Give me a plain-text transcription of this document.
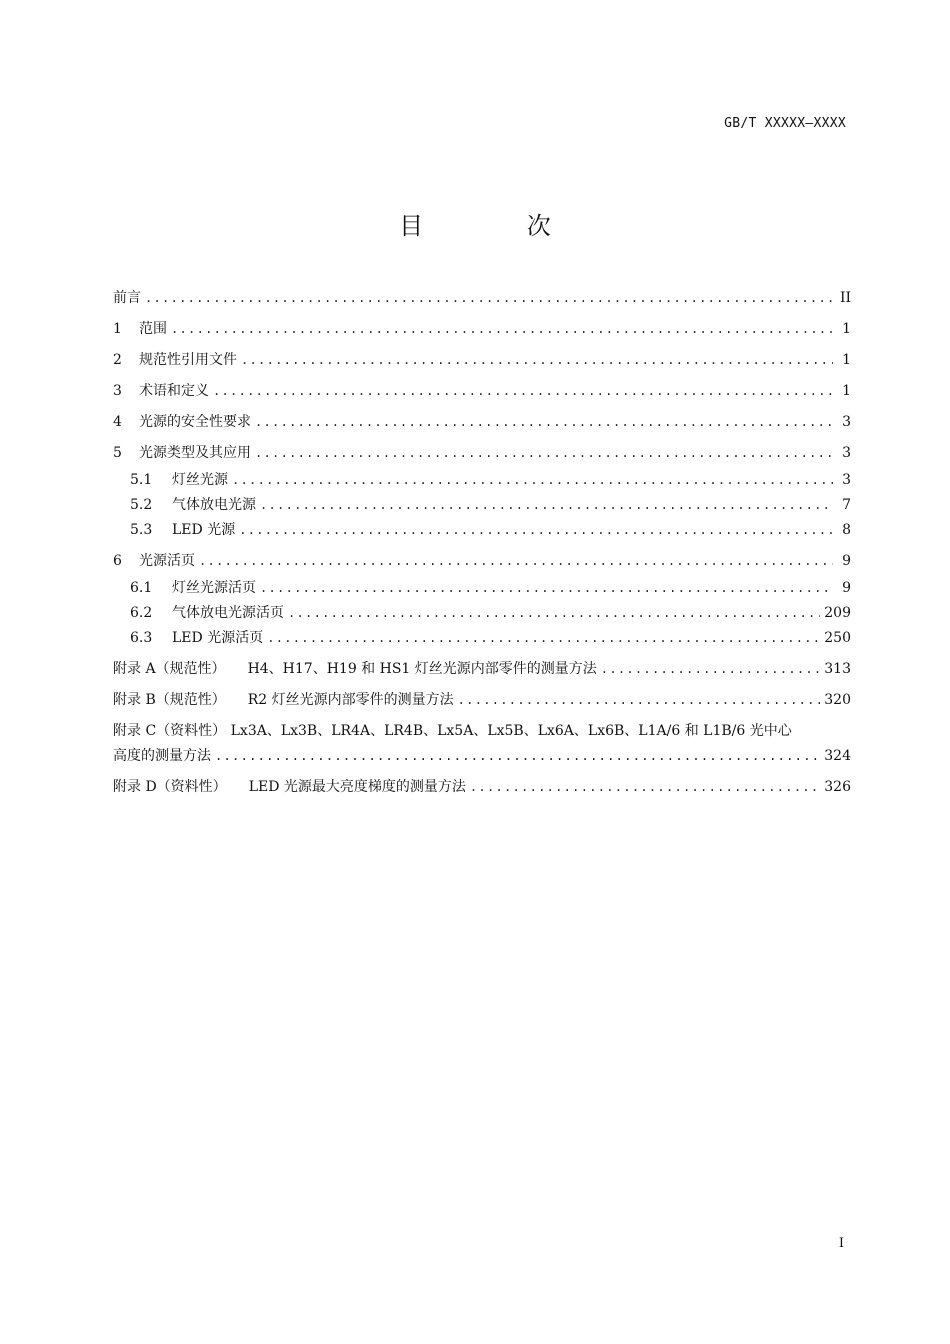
GB/T XXXXX—XXXX
目 次
前言 .....	II
1	范围 .....	1
2	规范性引用文件 .....	1
3	术语和定义 .....	1
4	光源的安全性要求 .....	3
5	光源类型及其应用 .....	3
5.1	灯丝光源 .....	3
5.2	气体放电光源 .....	7
5.3	LED 光源 .....	8
6	光源活页 .....	9
6.1	灯丝光源活页 .....	9
6.2	气体放电光源活页 .....	209
6.3	LED 光源活页 .....	250
附录 A（规范性） H4、H17、H19 和 HS1 灯丝光源内部零件的测量方法 .....	313
附录 B（规范性） R2 灯丝光源内部零件的测量方法 .....	320
附录 C（资料性） Lx3A、Lx3B、LR4A、LR4B、Lx5A、Lx5B、Lx6A、Lx6B、L1A/6 和 L1B/6 光中心
高度的测量方法 .....	324
附录 D（资料性） LED 光源最大亮度梯度的测量方法 .....	326
I
